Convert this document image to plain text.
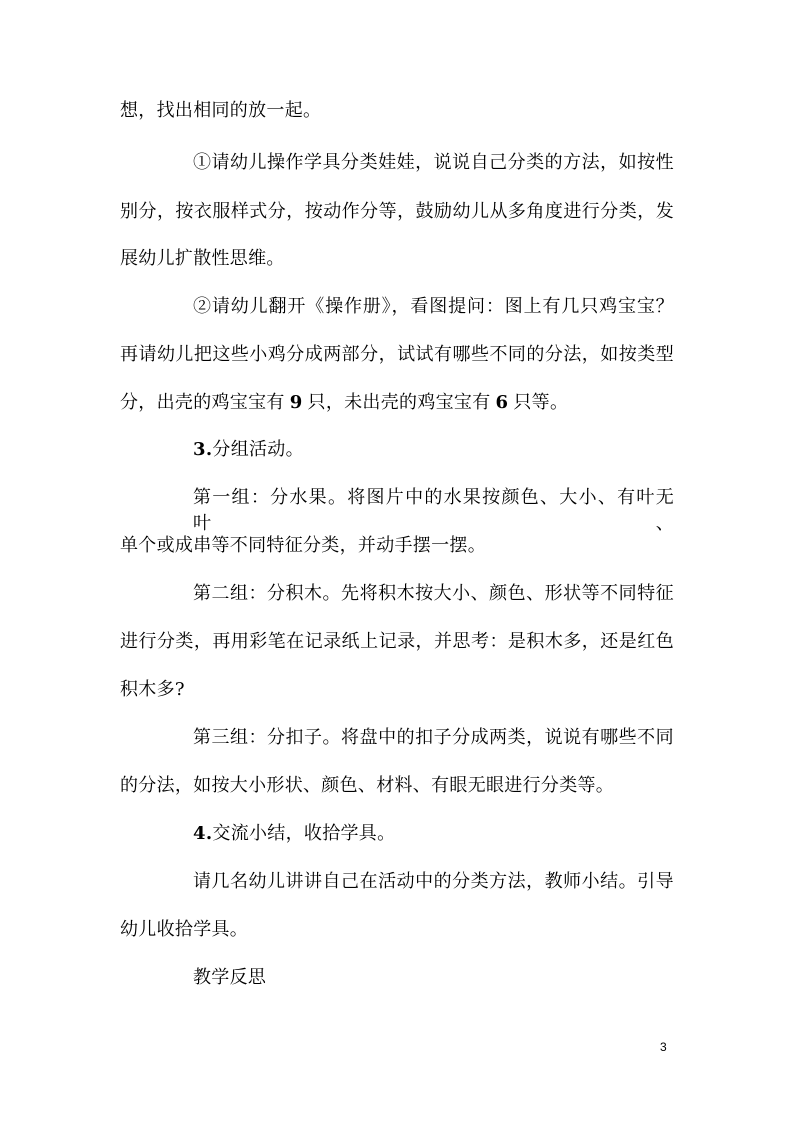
想，找出相同的放一起。
①请幼儿操作学具分类娃娃，说说自己分类的方法，如按性
别分，按衣服样式分，按动作分等，鼓励幼儿从多角度进行分类，发
展幼儿扩散性思维。
②请幼儿翻开《操作册》，看图提问：图上有几只鸡宝宝？
再请幼儿把这些小鸡分成两部分，试试有哪些不同的分法，如按类型
分，出壳的鸡宝宝有 9 只，未出壳的鸡宝宝有 6 只等。
3.分组活动。
第一组：分水果。将图片中的水果按颜色、大小、有叶无叶、
单个或成串等不同特征分类，并动手摆一摆。
第二组：分积木。先将积木按大小、颜色、形状等不同特征
进行分类，再用彩笔在记录纸上记录，并思考：是积木多，还是红色
积木多?
第三组：分扣子。将盘中的扣子分成两类，说说有哪些不同
的分法，如按大小形状、颜色、材料、有眼无眼进行分类等。
4.交流小结，收拾学具。
请几名幼儿讲讲自己在活动中的分类方法，教师小结。引导
幼儿收拾学具。
教学反思
3
